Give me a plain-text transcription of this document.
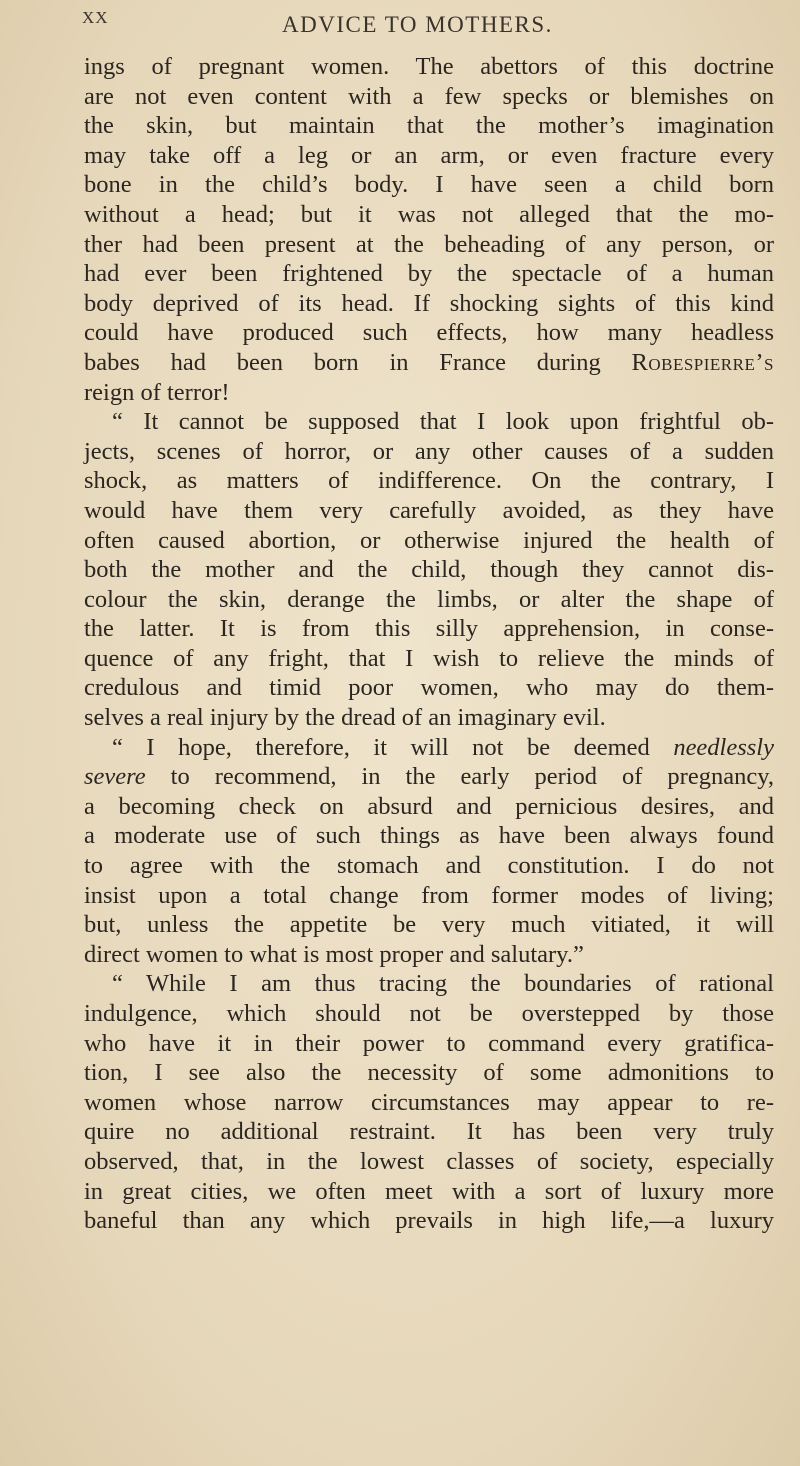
XX	ADVICE TO MOTHERS.
ings of pregnant women. The abettors of this doctrine
are not even content with a few specks or blemishes on
the skin, but maintain that the mother’s imagination
may take off a leg or an arm, or even fracture every
bone in the child’s body. I have seen a child born
without a head; but it was not alleged that the mo-
ther had been present at the beheading of any person, or
had ever been frightened by the spectacle of a human
body deprived of its head. If shocking sights of this kind
could have produced such effects, how many headless
babes had been born in France during Robespierre’s
reign of terror!
“ It cannot be supposed that I look upon frightful ob-
jects, scenes of horror, or any other causes of a sudden
shock, as matters of indifference. On the contrary, I
would have them very carefully avoided, as they have
often caused abortion, or otherwise injured the health of
both the mother and the child, though they cannot dis-
colour the skin, derange the limbs, or alter the shape of
the latter. It is from this silly apprehension, in conse-
quence of any fright, that I wish to relieve the minds of
credulous and timid poor women, who may do them-
selves a real injury by the dread of an imaginary evil.
“ I hope, therefore, it will not be deemed needlessly
severe to recommend, in the early period of pregnancy,
a becoming check on absurd and pernicious desires, and
a moderate use of such things as have been always found
to agree with the stomach and constitution. I do not
insist upon a total change from former modes of living;
but, unless the appetite be very much vitiated, it will
direct women to what is most proper and salutary.”
“ While I am thus tracing the boundaries of rational
indulgence, which should not be overstepped by those
who have it in their power to command every gratifica-
tion, I see also the necessity of some admonitions to
women whose narrow circumstances may appear to re-
quire no additional restraint. It has been very truly
observed, that, in the lowest classes of society, especially
in great cities, we often meet with a sort of luxury more
baneful than any which prevails in high life,—a luxury
